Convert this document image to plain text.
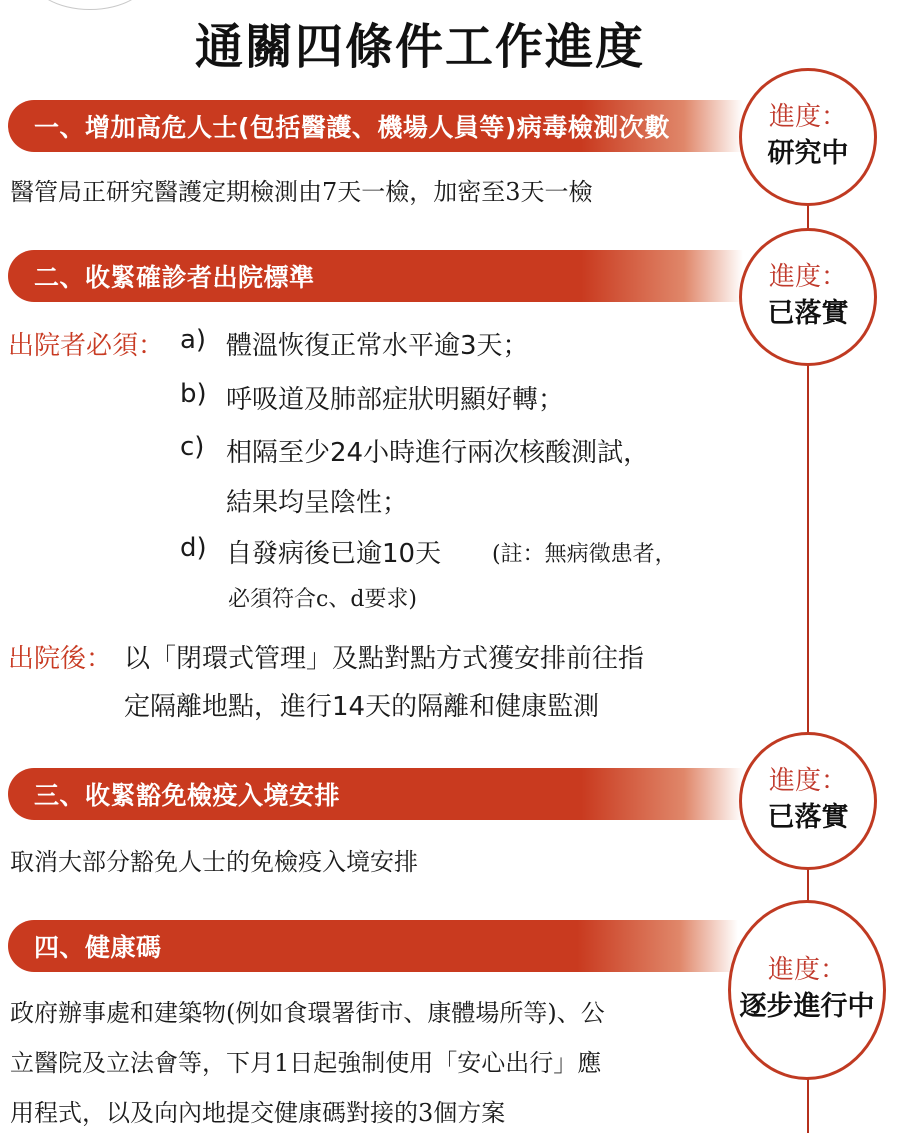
通關四條件工作進度
一、增加高危人士(包括醫護、機場人員等)病毒檢測次數	進度：
研究中
醫管局正研究醫護定期檢測由7天一檢，加密至3天一檢
二、收緊確診者出院標準	進度：
已落實
出院者必須： a) 體溫恢復正常水平逾3天；
b) 呼吸道及肺部症狀明顯好轉；
c) 相隔至少24小時進行兩次核酸測試，
結果均呈陰性；
d) 自發病後已逾10天 (註：無病徵患者，
必須符合c、d要求)
出院後： 以「閉環式管理」及點對點方式獲安排前往指
定隔離地點，進行14天的隔離和健康監測
三、收緊豁免檢疫入境安排	進度：
已落實
取消大部分豁免人士的免檢疫入境安排
四、健康碼
進度：
逐步進行中
政府辦事處和建築物(例如食環署街市、康體場所等)、公
立醫院及立法會等，下月1日起強制使用「安心出行」應
用程式，以及向內地提交健康碼對接的3個方案
